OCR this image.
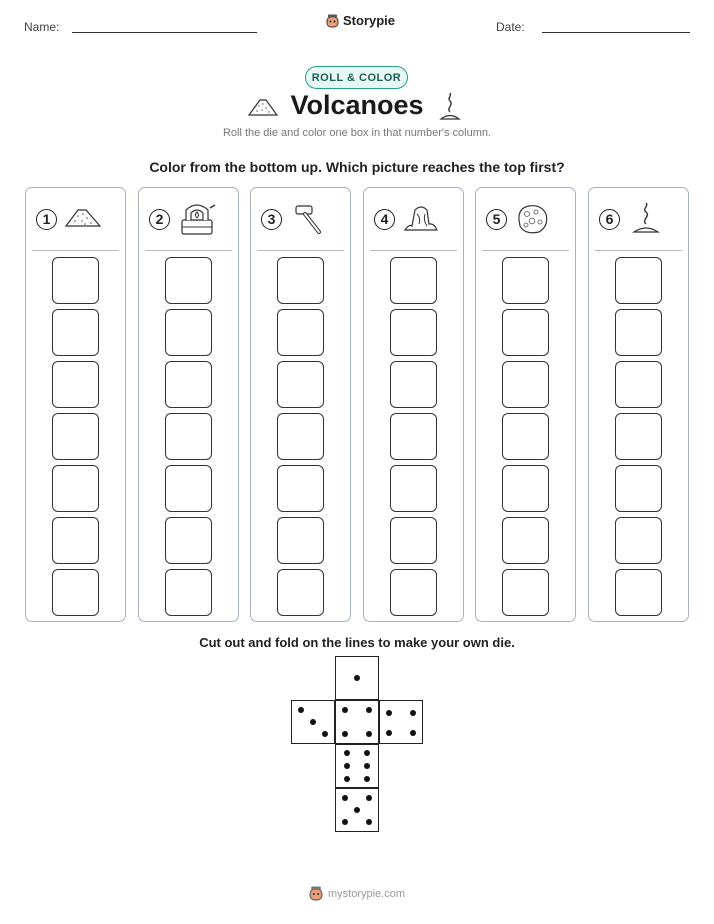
Name:	Storypie	Date:
ROLL & COLOR
Volcanoes
Roll the die and color one box in that number's column.
Color from the bottom up. Which picture reaches the top first?
1	2	3	4	5	6
Cut out and fold on the lines to make your own die.
mystorypie.com
